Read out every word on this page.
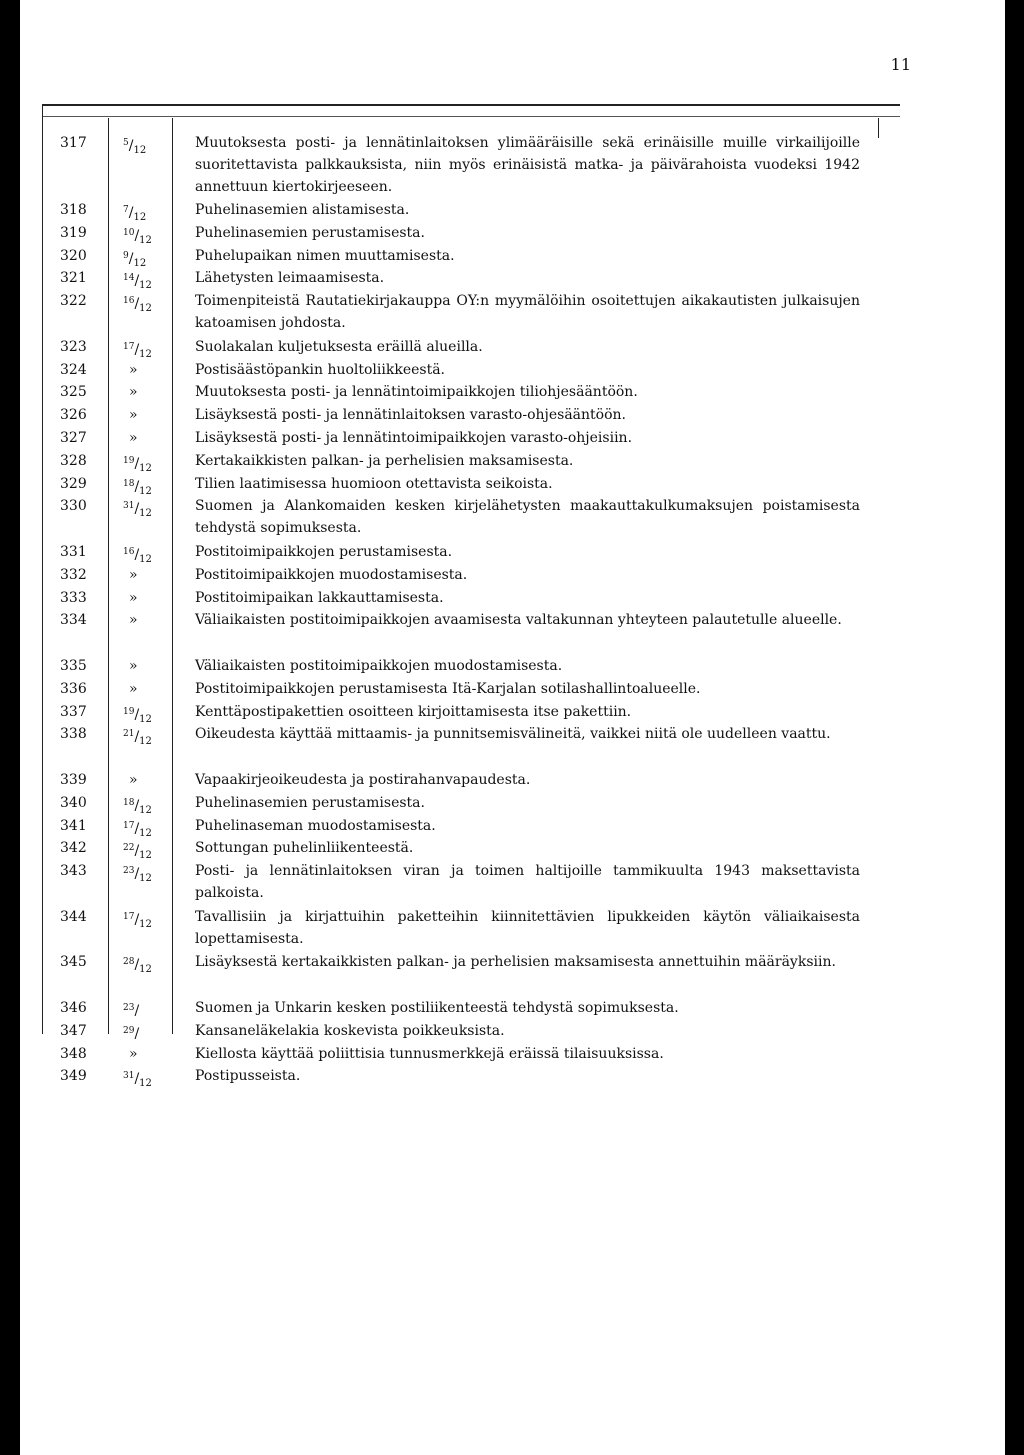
11
317	$^5/_{12}$	Muutoksesta posti- ja lennätinlaitoksen ylimääräisille sekä erinäisille muille virkailijoille suoritettavista palkkauksista, niin myös erinäisistä matka- ja päivärahoista vuodeksi 1942 annettuun kiertokirjeeseen.
318	$^7/_{12}$	Puhelinasemien alistamisesta.
319	$^{10}/_{12}$	Puhelinasemien perustamisesta.
320	$^9/_{12}$	Puhelupaikan nimen muuttamisesta.
321	$^{14}/_{12}$	Lähetysten leimaamisesta.
322	$^{16}/_{12}$	Toimenpiteistä Rautatiekirjakauppa OY:n myymälöihin osoitettujen aikakautisten julkaisujen katoamisen johdosta.
323	$^{17}/_{12}$	Suolakalan kuljetuksesta eräillä alueilla.
324	»	Postisäästöpankin huoltoliikkeestä.
325	»	Muutoksesta posti- ja lennätintoimipaikkojen tiliohjesääntöön.
326	»	Lisäyksestä posti- ja lennätinlaitoksen varasto-ohjesääntöön.
327	»	Lisäyksestä posti- ja lennätintoimipaikkojen varasto-ohjeisiin.
328	$^{19}/_{12}$	Kertakaikkisten palkan- ja perhelisien maksamisesta.
329	$^{18}/_{12}$	Tilien laatimisessa huomioon otettavista seikoista.
330	$^{31}/_{12}$	Suomen ja Alankomaiden kesken kirjelähetysten maakauttakulkumaksujen poistamisesta tehdystä sopimuksesta.
331	$^{16}/_{12}$	Postitoimipaikkojen perustamisesta.
332	»	Postitoimipaikkojen muodostamisesta.
333	»	Postitoimipaikan lakkauttamisesta.
334	»	Väliaikaisten postitoimipaikkojen avaamisesta valtakunnan yhteyteen palautetulle alueelle.
335	»	Väliaikaisten postitoimipaikkojen muodostamisesta.
336	»	Postitoimipaikkojen perustamisesta Itä-Karjalan sotilashallintoalueelle.
337	$^{19}/_{12}$	Kenttäpostipakettien osoitteen kirjoittamisesta itse pakettiin.
338	$^{21}/_{12}$	Oikeudesta käyttää mittaamis- ja punnitsemisvälineitä, vaikkei niitä ole uudelleen vaattu.
339	»	Vapaakirjeoikeudesta ja postirahanvapaudesta.
340	$^{18}/_{12}$	Puhelinasemien perustamisesta.
341	$^{17}/_{12}$	Puhelinaseman muodostamisesta.
342	$^{22}/_{12}$	Sottungan puhelinliikenteestä.
343	$^{23}/_{12}$	Posti- ja lennätinlaitoksen viran ja toimen haltijoille tammikuulta 1943 maksettavista palkoista.
344	$^{17}/_{12}$	Tavallisiin ja kirjattuihin paketteihin kiinnitettävien lipukkeiden käytön väliaikaisesta lopettamisesta.
345	$^{28}/_{12}$	Lisäyksestä kertakaikkisten palkan- ja perhelisien maksamisesta annettuihin määräyksiin.
346	$^{23}$/	Suomen ja Unkarin kesken postiliikenteestä tehdystä sopimuksesta.
347	$^{29}$/	Kansaneläkelakia koskevista poikkeuksista.
348	»	Kiellosta käyttää poliittisia tunnusmerkkejä eräissä tilaisuuksissa.
349	$^{31}/_{12}$	Postipusseista.
